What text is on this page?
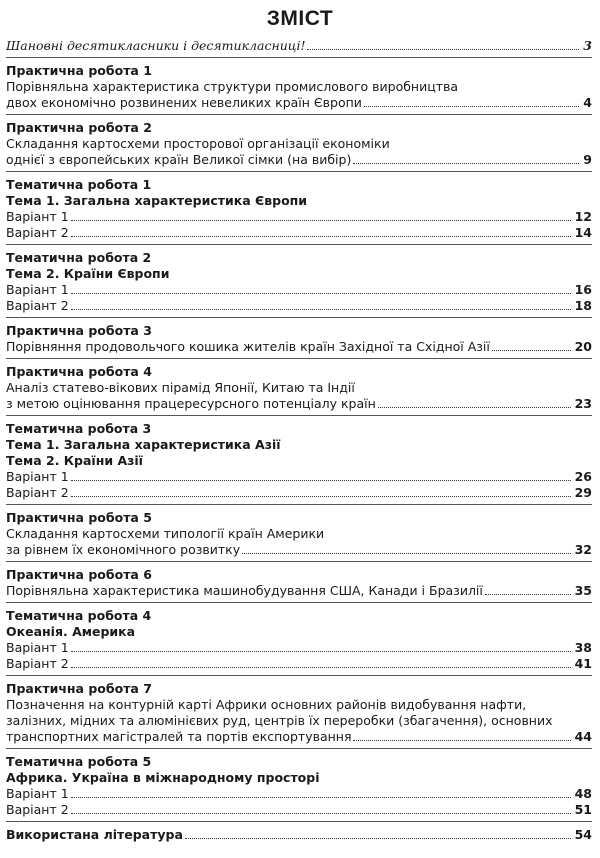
ЗМІСТ
Шановні десятикласники і десятикласниці!	3
Практична робота 1
Порівняльна характеристика структури промислового виробництва
двох економічно розвинених невеликих країн Європи	4
Практична робота 2
Складання картосхеми просторової організації економіки
однієї з європейських країн Великої сімки (на вибір)	9
Тематична робота 1
Тема 1. Загальна характеристика Європи
Варіант 1	12
Варіант 2	14
Тематична робота 2
Тема 2. Країни Європи
Варіант 1	16
Варіант 2	18
Практична робота 3
Порівняння продовольчого кошика жителів країн Західної та Східної Азії	20
Практична робота 4
Аналіз статево-вікових пірамід Японії, Китаю та Індії
з метою оцінювання працересурсного потенціалу країн	23
Тематична робота 3
Тема 1. Загальна характеристика Азії
Тема 2. Країни Азії
Варіант 1	26
Варіант 2	29
Практична робота 5
Складання картосхеми типології країн Америки
за рівнем їх економічного розвитку	32
Практична робота 6
Порівняльна характеристика машинобудування США, Канади і Бразилії	35
Тематична робота 4
Океанія. Америка
Варіант 1	38
Варіант 2	41
Практична робота 7
Позначення на контурній карті Африки основних районів видобування нафти,
залізних, мідних та алюмінієвих руд, центрів їх переробки (збагачення), основних
транспортних магістралей та портів експортування	44
Тематична робота 5
Африка. Україна в міжнародному просторі
Варіант 1	48
Варіант 2	51
Використана література	54
